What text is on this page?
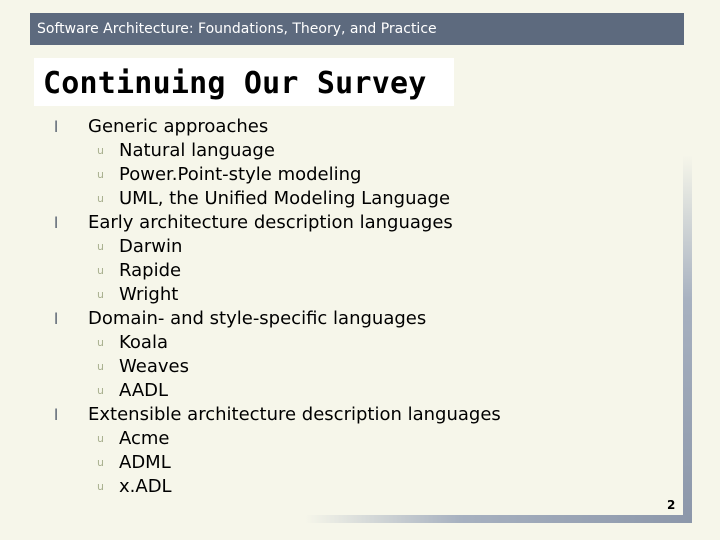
Software Architecture: Foundations, Theory, and Practice
Continuing Our Survey
l Generic approaches
u Natural language
u Power.Point-style modeling
u UML, the Unified Modeling Language
l Early architecture description languages
u Darwin
u Rapide
u Wright
l Domain- and style-specific languages
u Koala
u Weaves
u AADL
l Extensible architecture description languages
u Acme
u ADML
u x.ADL
2
